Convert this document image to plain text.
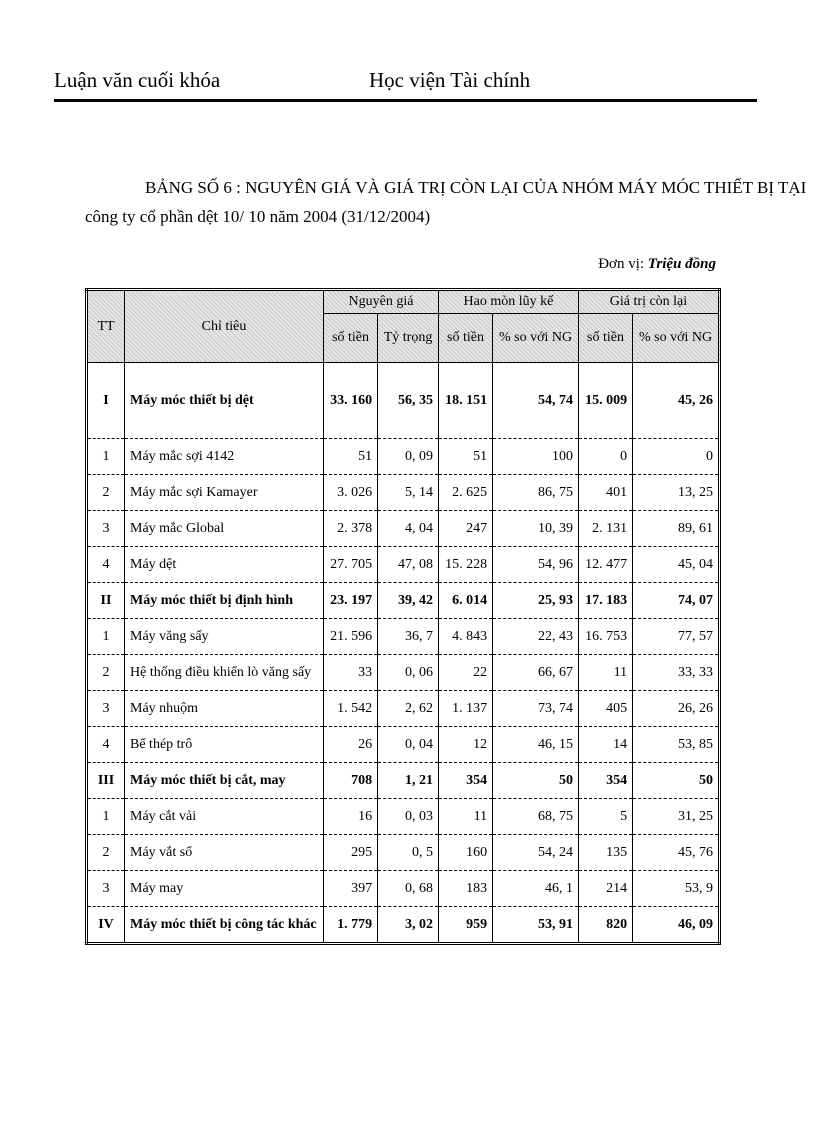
Luận văn cuối khóa	Học viện Tài chính
BẢNG SỐ 6 : NGUYÊN GIÁ VÀ GIÁ TRỊ CÒN LẠI CỦA NHÓM MÁY MÓC THIẾT BỊ TẠI
công ty cổ phần dệt 10/ 10 năm 2004 (31/12/2004)
Đơn vị: Triệu đồng
TT	Chỉ tiêu	Nguyên giá		Hao mòn lũy kế		Giá trị còn lại	
		số tiền	Tỷ trọng	số tiền	% so với NG	số tiền	% so với NG
I	Máy móc thiết bị dệt	33. 160	56, 35	18. 151	54, 74	15. 009	45, 26
1	Máy mắc sợi 4142	51	0, 09	51	100	0	0
2	Máy mắc sợi Kamayer	3. 026	5, 14	2. 625	86, 75	401	13, 25
3	Máy mắc Global	2. 378	4, 04	247	10, 39	2. 131	89, 61
4	Máy dệt	27. 705	47, 08	15. 228	54, 96	12. 477	45, 04
II	Máy móc thiết bị định hình	23. 197	39, 42	6. 014	25, 93	17. 183	74, 07
1	Máy văng sấy	21. 596	36, 7	4. 843	22, 43	16. 753	77, 57
2	Hệ thống điều khiển lò văng sấy	33	0, 06	22	66, 67	11	33, 33
3	Máy nhuộm	1. 542	2, 62	1. 137	73, 74	405	26, 26
4	Bể thép trô	26	0, 04	12	46, 15	14	53, 85
III	Máy móc thiết bị cắt, may	708	1, 21	354	50	354	50
1	Máy cắt vải	16	0, 03	11	68, 75	5	31, 25
2	Máy vắt sổ	295	0, 5	160	54, 24	135	45, 76
3	Máy may	397	0, 68	183	46, 1	214	53, 9
IV	Máy móc thiết bị công tác khác	1. 779	3, 02	959	53, 91	820	46, 09
